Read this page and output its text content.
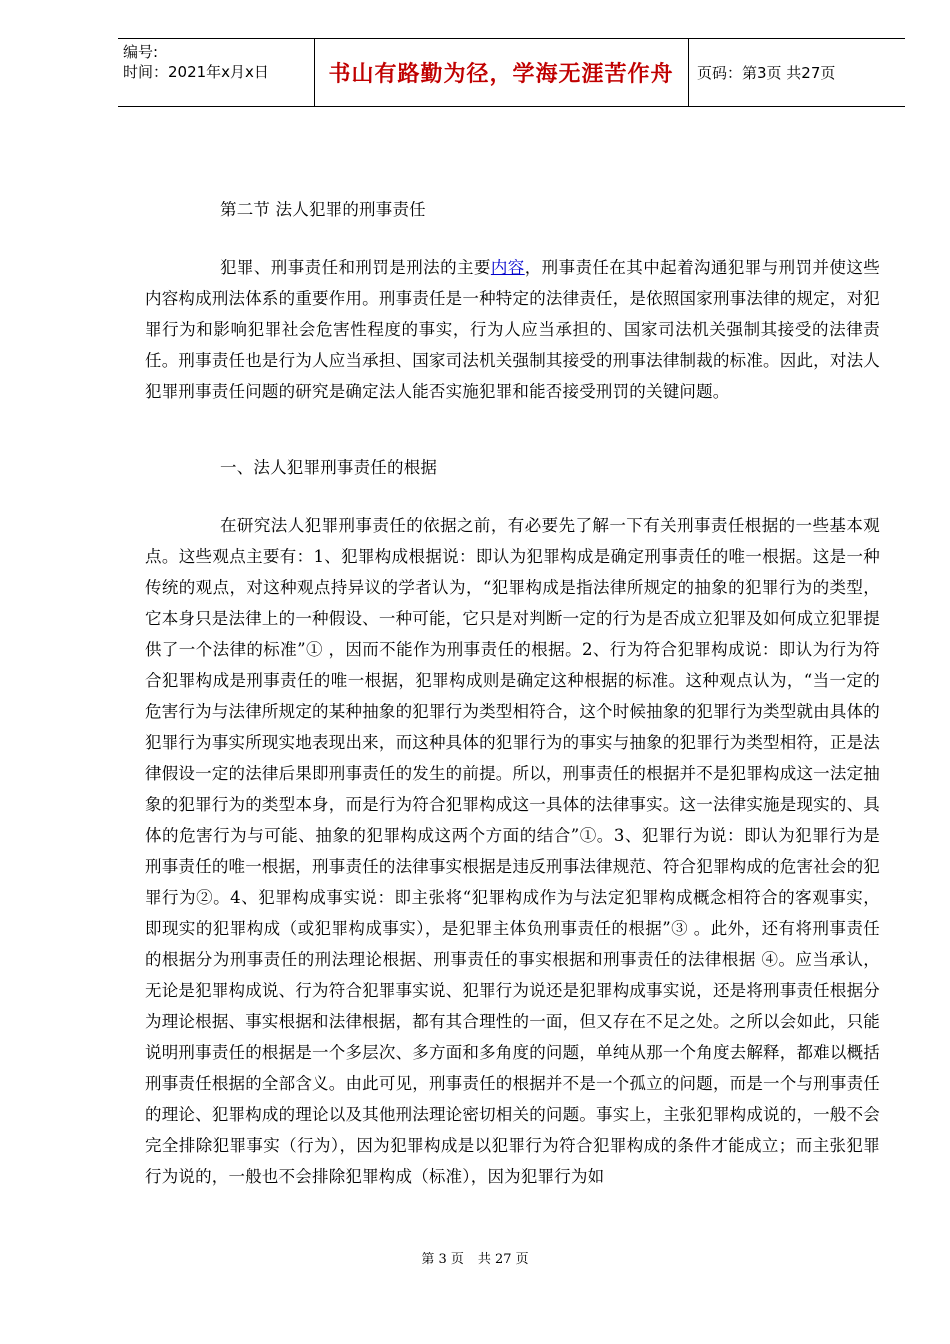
编号:
时间：2021年x月x日	书山有路勤为径，学海无涯苦作舟	页码：第3页 共27页
第二节 法人犯罪的刑事责任
犯罪、刑事责任和刑罚是刑法的主要内容，刑事责任在其中起着沟通犯罪与刑罚并使这些内容构成刑法体系的重要作用。刑事责任是一种特定的法律责任，是依照国家刑事法律的规定，对犯罪行为和影响犯罪社会危害性程度的事实，行为人应当承担的、国家司法机关强制其接受的法律责任。刑事责任也是行为人应当承担、国家司法机关强制其接受的刑事法律制裁的标准。因此，对法人犯罪刑事责任问题的研究是确定法人能否实施犯罪和能否接受刑罚的关键问题。
一、法人犯罪刑事责任的根据
在研究法人犯罪刑事责任的依据之前，有必要先了解一下有关刑事责任根据的一些基本观点。这些观点主要有：1、犯罪构成根据说：即认为犯罪构成是确定刑事责任的唯一根据。这是一种传统的观点，对这种观点持异议的学者认为，“犯罪构成是指法律所规定的抽象的犯罪行为的类型，它本身只是法律上的一种假设、一种可能，它只是对判断一定的行为是否成立犯罪及如何成立犯罪提供了一个法律的标准”① ，因而不能作为刑事责任的根据。2、行为符合犯罪构成说：即认为行为符合犯罪构成是刑事责任的唯一根据，犯罪构成则是确定这种根据的标准。这种观点认为，“当一定的危害行为与法律所规定的某种抽象的犯罪行为类型相符合，这个时候抽象的犯罪行为类型就由具体的犯罪行为事实所现实地表现出来，而这种具体的犯罪行为的事实与抽象的犯罪行为类型相符，正是法律假设一定的法律后果即刑事责任的发生的前提。所以，刑事责任的根据并不是犯罪构成这一法定抽象的犯罪行为的类型本身，而是行为符合犯罪构成这一具体的法律事实。这一法律实施是现实的、具体的危害行为与可能、抽象的犯罪构成这两个方面的结合”①。3、犯罪行为说：即认为犯罪行为是刑事责任的唯一根据，刑事责任的法律事实根据是违反刑事法律规范、符合犯罪构成的危害社会的犯罪行为②。4、犯罪构成事实说：即主张将“犯罪构成作为与法定犯罪构成概念相符合的客观事实，即现实的犯罪构成（或犯罪构成事实），是犯罪主体负刑事责任的根据”③ 。此外，还有将刑事责任的根据分为刑事责任的刑法理论根据、刑事责任的事实根据和刑事责任的法律根据 ④。应当承认，无论是犯罪构成说、行为符合犯罪事实说、犯罪行为说还是犯罪构成事实说，还是将刑事责任根据分为理论根据、事实根据和法律根据，都有其合理性的一面，但又存在不足之处。之所以会如此，只能说明刑事责任的根据是一个多层次、多方面和多角度的问题，单纯从那一个角度去解释，都难以概括刑事责任根据的全部含义。由此可见，刑事责任的根据并不是一个孤立的问题，而是一个与刑事责任的理论、犯罪构成的理论以及其他刑法理论密切相关的问题。事实上，主张犯罪构成说的，一般不会完全排除犯罪事实（行为），因为犯罪构成是以犯罪行为符合犯罪构成的条件才能成立；而主张犯罪行为说的，一般也不会排除犯罪构成（标准），因为犯罪行为如
第 3 页 共 27 页
